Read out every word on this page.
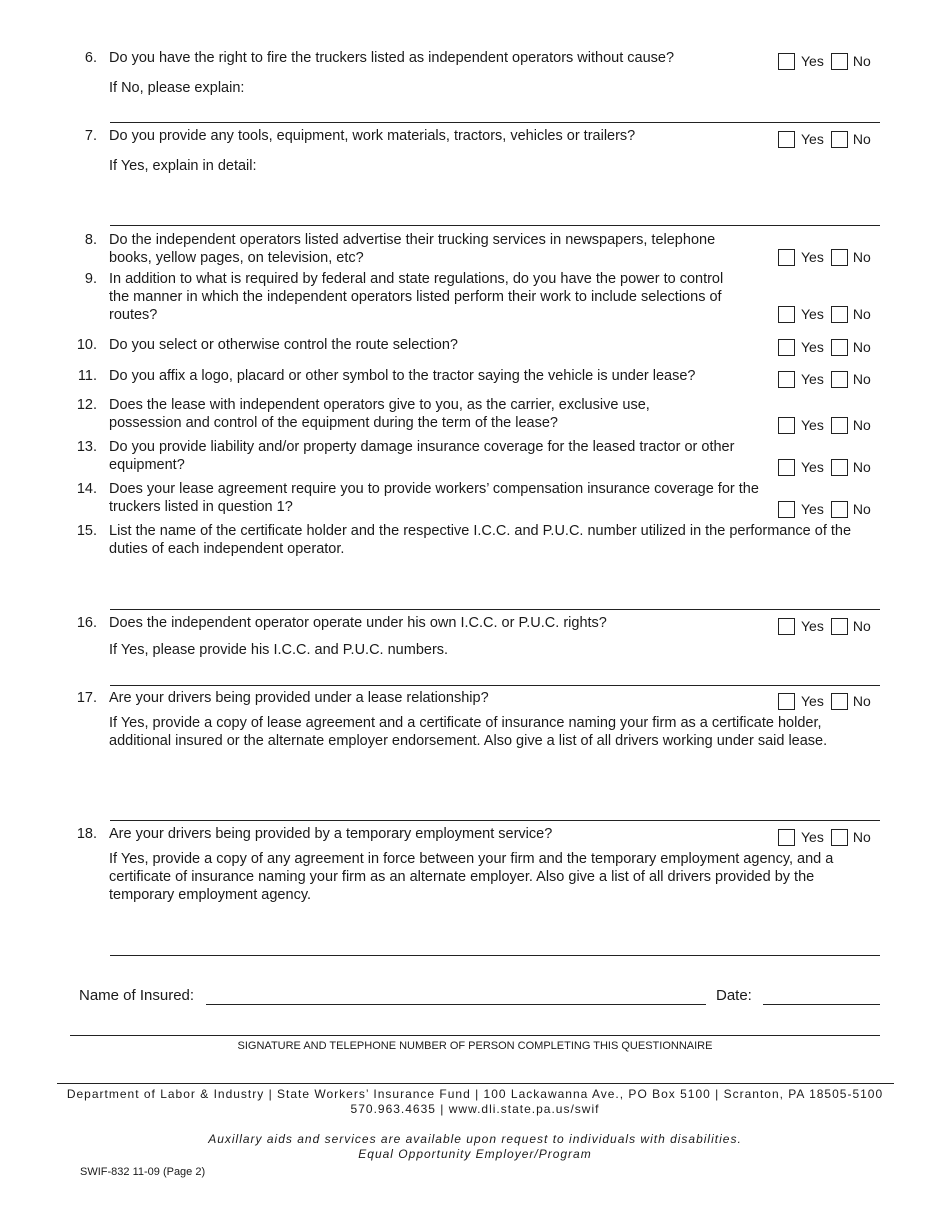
6. Do you have the right to fire the truckers listed as independent operators without cause?	Yes No
If No, please explain:
7. Do you provide any tools, equipment, work materials, tractors, vehicles or trailers?	Yes No
If Yes, explain in detail:
8. Do the independent operators listed advertise their trucking services in newspapers, telephone books, yellow pages, on television, etc?	Yes No
9. In addition to what is required by federal and state regulations, do you have the power to control the manner in which the independent operators listed perform their work to include selections of routes?	Yes No
10. Do you select or otherwise control the route selection?	Yes No
11. Do you affix a logo, placard or other symbol to the tractor saying the vehicle is under lease?	Yes No
12. Does the lease with independent operators give to you, as the carrier, exclusive use, possession and control of the equipment during the term of the lease?	Yes No
13. Do you provide liability and/or property damage insurance coverage for the leased tractor or other equipment?	Yes No
14. Does your lease agreement require you to provide workers’ compensation insurance coverage for the truckers listed in question 1?	Yes No
15. List the name of the certificate holder and the respective I.C.C. and P.U.C. number utilized in the performance of the duties of each independent operator.
16. Does the independent operator operate under his own I.C.C. or P.U.C. rights?	Yes No
If Yes, please provide his I.C.C. and P.U.C. numbers.
17. Are your drivers being provided under a lease relationship?	Yes No
If Yes, provide a copy of lease agreement and a certificate of insurance naming your firm as a certificate holder, additional insured or the alternate employer endorsement. Also give a list of all drivers working under said lease.
18. Are your drivers being provided by a temporary employment service?	Yes No
If Yes, provide a copy of any agreement in force between your firm and the temporary employment agency, and a certificate of insurance naming your firm as an alternate employer. Also give a list of all drivers provided by the temporary employment agency.
Name of Insured:	Date:
SIGNATURE AND TELEPHONE NUMBER OF PERSON COMPLETING THIS QUESTIONNAIRE
Department of Labor & Industry | State Workers’ Insurance Fund | 100 Lackawanna Ave., PO Box 5100 | Scranton, PA 18505-5100
570.963.4635 | www.dli.state.pa.us/swif
Auxillary aids and services are available upon request to individuals with disabilities.
Equal Opportunity Employer/Program
SWIF-832 11-09 (Page 2)
